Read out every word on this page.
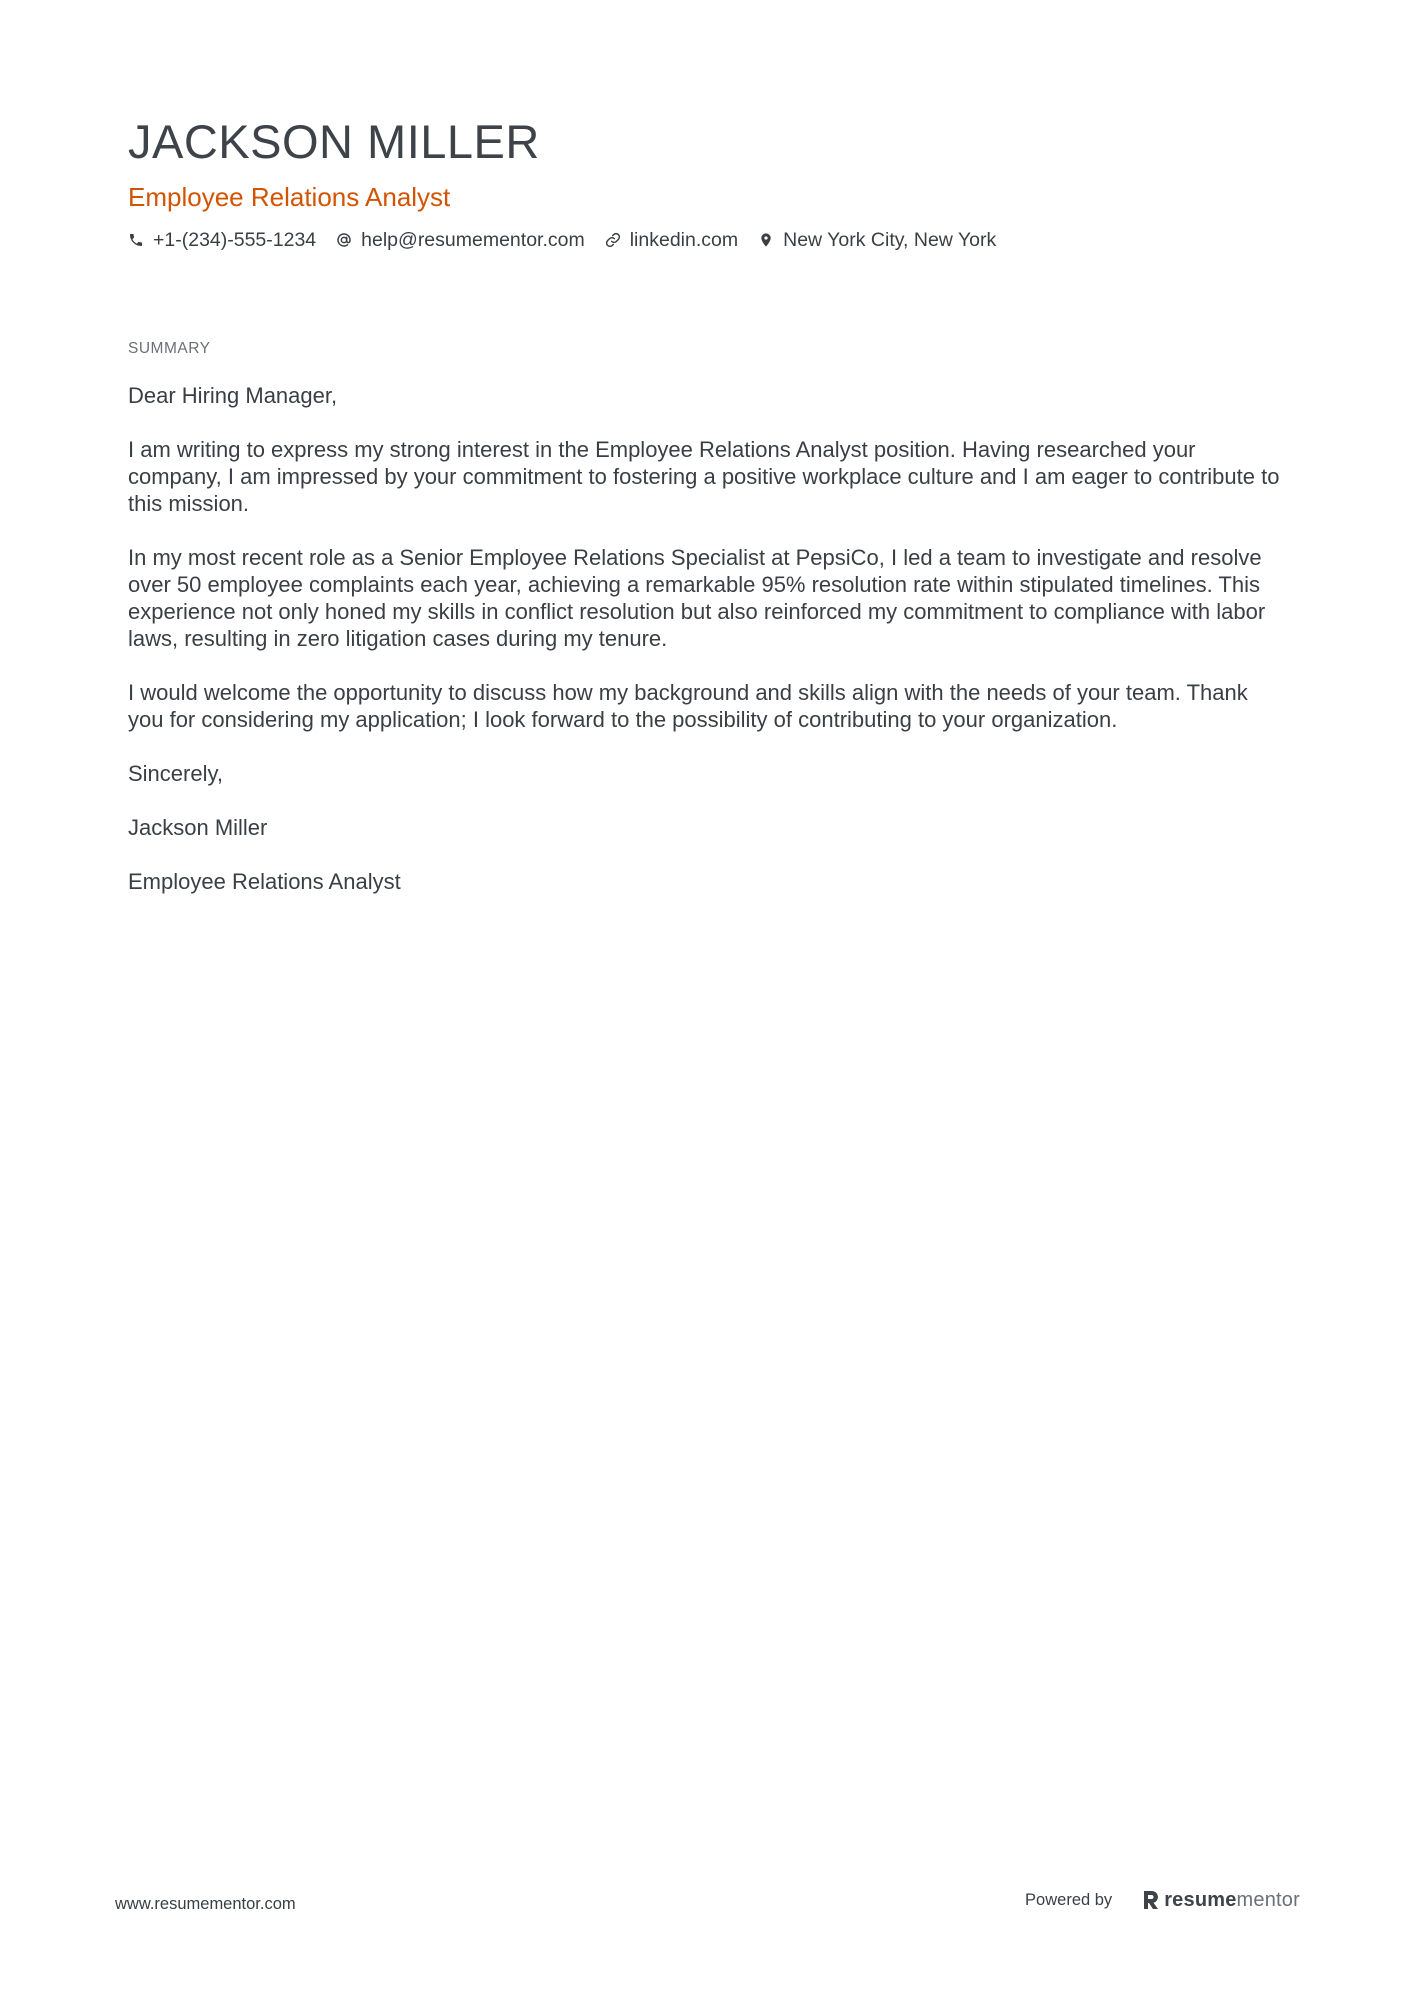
JACKSON MILLER
Employee Relations Analyst
+1-(234)-555-1234 help@resumementor.com linkedin.com New York City, New York
SUMMARY

Dear Hiring Manager,

I am writing to express my strong interest in the Employee Relations Analyst position. Having researched your company, I am impressed by your commitment to fostering a positive workplace culture and I am eager to contribute to this mission.

In my most recent role as a Senior Employee Relations Specialist at PepsiCo, I led a team to investigate and resolve over 50 employee complaints each year, achieving a remarkable 95% resolution rate within stipulated timelines. This experience not only honed my skills in conflict resolution but also reinforced my commitment to compliance with labor laws, resulting in zero litigation cases during my tenure.

I would welcome the opportunity to discuss how my background and skills align with the needs of your team. Thank you for considering my application; I look forward to the possibility of contributing to your organization.

Sincerely,

Jackson Miller

Employee Relations Analyst

www.resumementor.com	Powered by	resume mentor
